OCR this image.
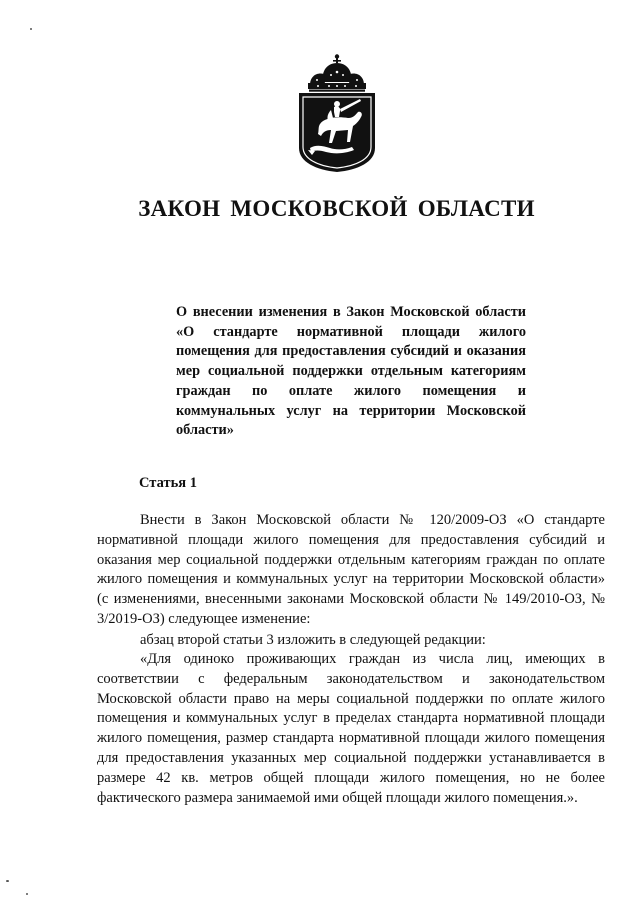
ЗАКОН МОСКОВСКОЙ ОБЛАСТИ
О внесении изменения в Закон Московской области «О стандарте нормативной площади жилого помещения для предоставления субсидий и оказания мер социальной поддержки отдельным категориям граждан по оплате жилого помещения и коммунальных услуг на территории Московской области»
Статья 1
Внести в Закон Московской области № 120/2009-ОЗ «О стандарте нормативной площади жилого помещения для предоставления субсидий и оказания мер социальной поддержки отдельным категориям граждан по оплате жилого помещения и коммунальных услуг на территории Московской области» (с изменениями, внесенными законами Московской области № 149/2010-ОЗ, № 3/2019-ОЗ) следующее изменение:
абзац второй статьи 3 изложить в следующей редакции:
«Для одиноко проживающих граждан из числа лиц, имеющих в соответствии с федеральным законодательством и законодательством Московской области право на меры социальной поддержки по оплате жилого помещения и коммунальных услуг в пределах стандарта нормативной площади жилого помещения, размер стандарта нормативной площади жилого помещения для предоставления указанных мер социальной поддержки устанавливается в размере 42 кв. метров общей площади жилого помещения, но не более фактического размера занимаемой ими общей площади жилого помещения.».
